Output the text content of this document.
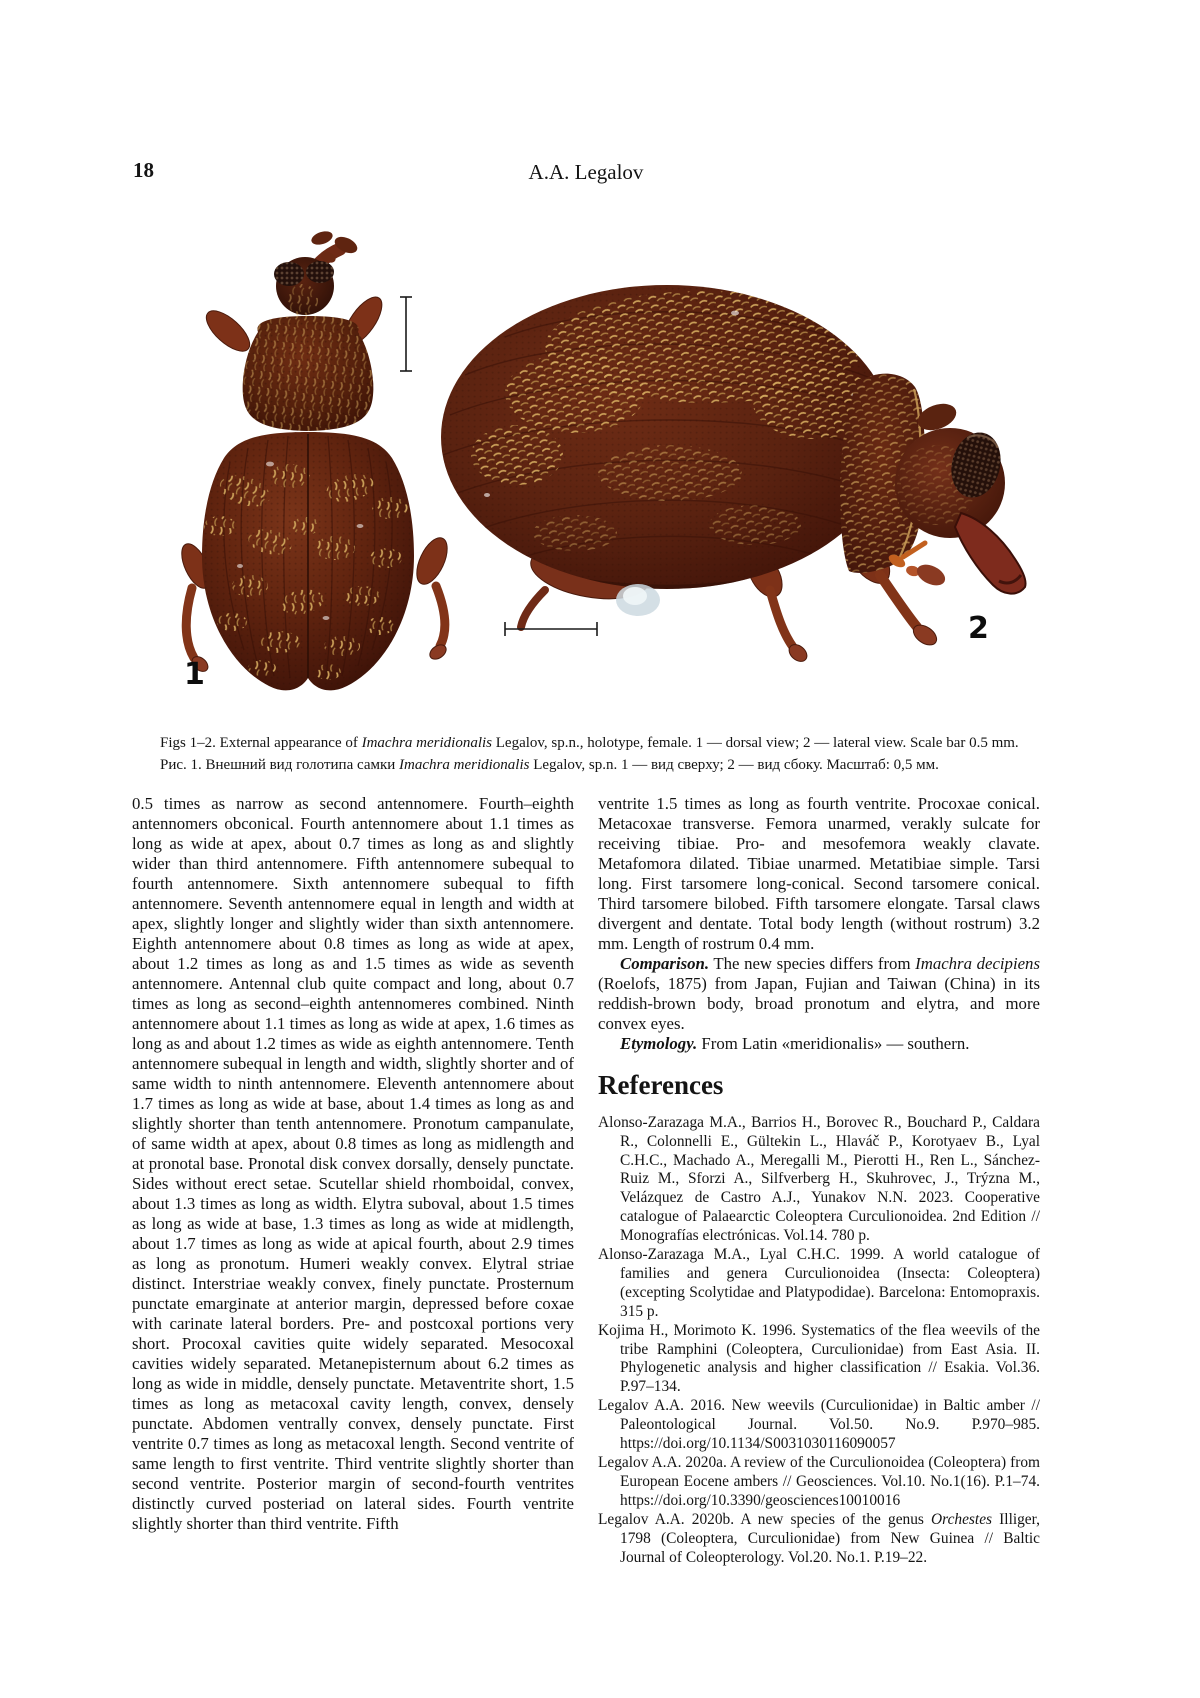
18	A.A. Legalov
1
2
Figs 1–2. External appearance of Imachra meridionalis Legalov, sp.n., holotype, female. 1 — dorsal view; 2 — lateral view. Scale bar 0.5 mm.
Рис. 1. Внешний вид голотипа самки Imachra meridionalis Legalov, sp.n. 1 — вид сверху; 2 — вид сбоку. Масштаб: 0,5 мм.

0.5 times as narrow as second antennomere. Fourth–eighth antennomers obconical. Fourth antennomere about 1.1 times as long as wide at apex, about 0.7 times as long as and slightly wider than third antennomere. Fifth antennomere subequal to fourth antennomere. Sixth antennomere subequal to fifth antennomere. Seventh antennomere equal in length and width at apex, slightly longer and slightly wider than sixth antennomere. Eighth antennomere about 0.8 times as long as wide at apex, about 1.2 times as long as and 1.5 times as wide as seventh antennomere. Antennal club quite compact and long, about 0.7 times as long as second–eighth antennomeres combined. Ninth antennomere about 1.1 times as long as wide at apex, 1.6 times as long as and about 1.2 times as wide as eighth antennomere. Tenth antennomere subequal in length and width, slightly shorter and of same width to ninth antennomere. Eleventh antennomere about 1.7 times as long as wide at base, about 1.4 times as long as and slightly shorter than tenth antennomere. Pronotum campanulate, of same width at apex, about 0.8 times as long as midlength and at pronotal base. Pronotal disk convex dorsally, densely punctate. Sides without erect setae. Scutellar shield rhomboidal, convex, about 1.3 times as long as width. Elytra suboval, about 1.5 times as long as wide at base, 1.3 times as long as wide at midlength, about 1.7 times as long as wide at apical fourth, about 2.9 times as long as pronotum. Humeri weakly convex. Elytral striae distinct. Interstriae weakly convex, finely punctate. Prosternum punctate emarginate at anterior margin, depressed before coxae with carinate lateral borders. Pre- and postcoxal portions very short. Procoxal cavities quite widely separated. Mesocoxal cavities widely separated. Metanepisternum about 6.2 times as long as wide in middle, densely punctate. Metaventrite short, 1.5 times as long as metacoxal cavity length, convex, densely punctate. Abdomen ventrally convex, densely punctate. First ventrite 0.7 times as long as metacoxal length. Second ventrite of same length to first ventrite. Third ventrite slightly shorter than second ventrite. Posterior margin of second-fourth ventrites distinctly curved posteriad on lateral sides. Fourth ventrite slightly shorter than third ventrite. Fifth

ventrite 1.5 times as long as fourth ventrite. Procoxae conical. Metacoxae transverse. Femora unarmed, verakly sulcate for receiving tibiae. Pro- and mesofemora weakly clavate. Metafomora dilated. Tibiae unarmed. Metatibiae simple. Tarsi long. First tarsomere long-conical. Second tarsomere conical. Third tarsomere bilobed. Fifth tarsomere elongate. Tarsal claws divergent and dentate. Total body length (without rostrum) 3.2 mm. Length of rostrum 0.4 mm.

Comparison. The new species differs from Imachra decipiens (Roelofs, 1875) from Japan, Fujian and Taiwan (China) in its reddish-brown body, broad pronotum and elytra, and more convex eyes.

Etymology. From Latin «meridionalis» — southern.

References

Alonso-Zarazaga M.A., Barrios H., Borovec R., Bouchard P., Caldara R., Colonnelli E., Gültekin L., Hlaváč P., Korotyaev B., Lyal C.H.C., Machado A., Meregalli M., Pierotti H., Ren L., Sánchez-Ruiz M., Sforzi A., Silfverberg H., Skuhrovec, J., Trýzna M., Velázquez de Castro A.J., Yunakov N.N. 2023. Cooperative catalogue of Palaearctic Coleoptera Curculionoidea. 2nd Edition // Monografías electrónicas. Vol.14. 780 p.

Alonso-Zarazaga M.A., Lyal C.H.C. 1999. A world catalogue of families and genera Curculionoidea (Insecta: Coleoptera) (excepting Scolytidae and Platypodidae). Barcelona: Entomopraxis. 315 p.

Kojima H., Morimoto K. 1996. Systematics of the flea weevils of the tribe Ramphini (Coleoptera, Curculionidae) from East Asia. II. Phylogenetic analysis and higher classification // Esakia. Vol.36. P.97–134.

Legalov A.A. 2016. New weevils (Curculionidae) in Baltic amber // Paleontological Journal. Vol.50. No.9. P.970–985. https://doi.org/10.1134/S0031030116090057

Legalov A.A. 2020a. A review of the Curculionoidea (Coleoptera) from European Eocene ambers // Geosciences. Vol.10. No.1(16). P.1–74. https://doi.org/10.3390/geosciences10010016

Legalov A.A. 2020b. A new species of the genus Orchestes Illiger, 1798 (Coleoptera, Curculionidae) from New Guinea // Baltic Journal of Coleopterology. Vol.20. No.1. P.19–22.
